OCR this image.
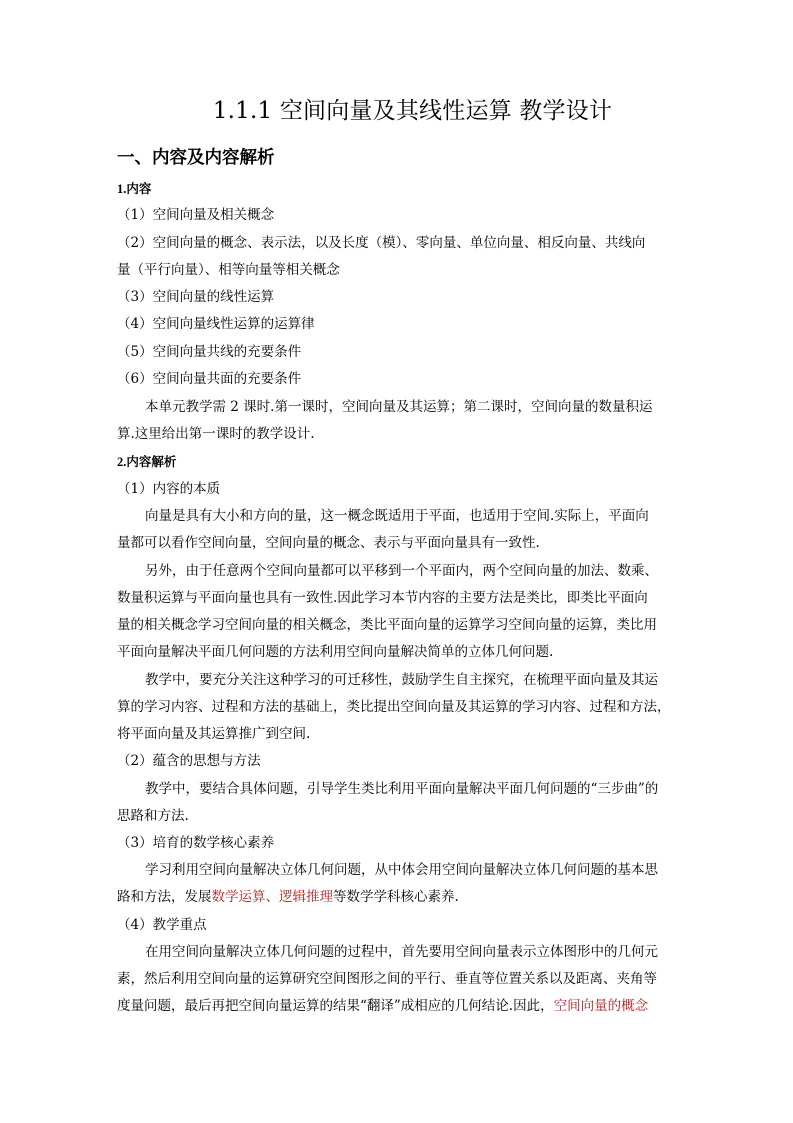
1.1.1 空间向量及其线性运算 教学设计
一、内容及内容解析
1.内容
（1）空间向量及相关概念
（2）空间向量的概念、表示法，以及长度（模）、零向量、单位向量、相反向量、共线向
量（平行向量）、相等向量等相关概念
（3）空间向量的线性运算
（4）空间向量线性运算的运算律
（5）空间向量共线的充要条件
（6）空间向量共面的充要条件
本单元教学需 2 课时.第一课时，空间向量及其运算；第二课时，空间向量的数量积运
算.这里给出第一课时的教学设计.
2.内容解析
（1）内容的本质
向量是具有大小和方向的量，这一概念既适用于平面，也适用于空间.实际上，平面向
量都可以看作空间向量，空间向量的概念、表示与平面向量具有一致性.
另外，由于任意两个空间向量都可以平移到一个平面内，两个空间向量的加法、数乘、
数量积运算与平面向量也具有一致性.因此学习本节内容的主要方法是类比，即类比平面向
量的相关概念学习空间向量的相关概念，类比平面向量的运算学习空间向量的运算，类比用
平面向量解决平面几何问题的方法利用空间向量解决简单的立体几何问题.
教学中，要充分关注这种学习的可迁移性，鼓励学生自主探究，在梳理平面向量及其运
算的学习内容、过程和方法的基础上，类比提出空间向量及其运算的学习内容、过程和方法，
将平面向量及其运算推广到空间.
（2）蕴含的思想与方法
教学中，要结合具体问题，引导学生类比利用平面向量解决平面几何问题的“三步曲”的
思路和方法.
（3）培育的数学核心素养
学习利用空间向量解决立体几何问题，从中体会用空间向量解决立体几何问题的基本思
路和方法，发展数学运算、逻辑推理等数学学科核心素养.
（4）教学重点
在用空间向量解决立体几何问题的过程中，首先要用空间向量表示立体图形中的几何元
素，然后利用空间向量的运算研究空间图形之间的平行、垂直等位置关系以及距离、夹角等
度量问题，最后再把空间向量运算的结果“翻译”成相应的几何结论.因此，空间向量的概念
